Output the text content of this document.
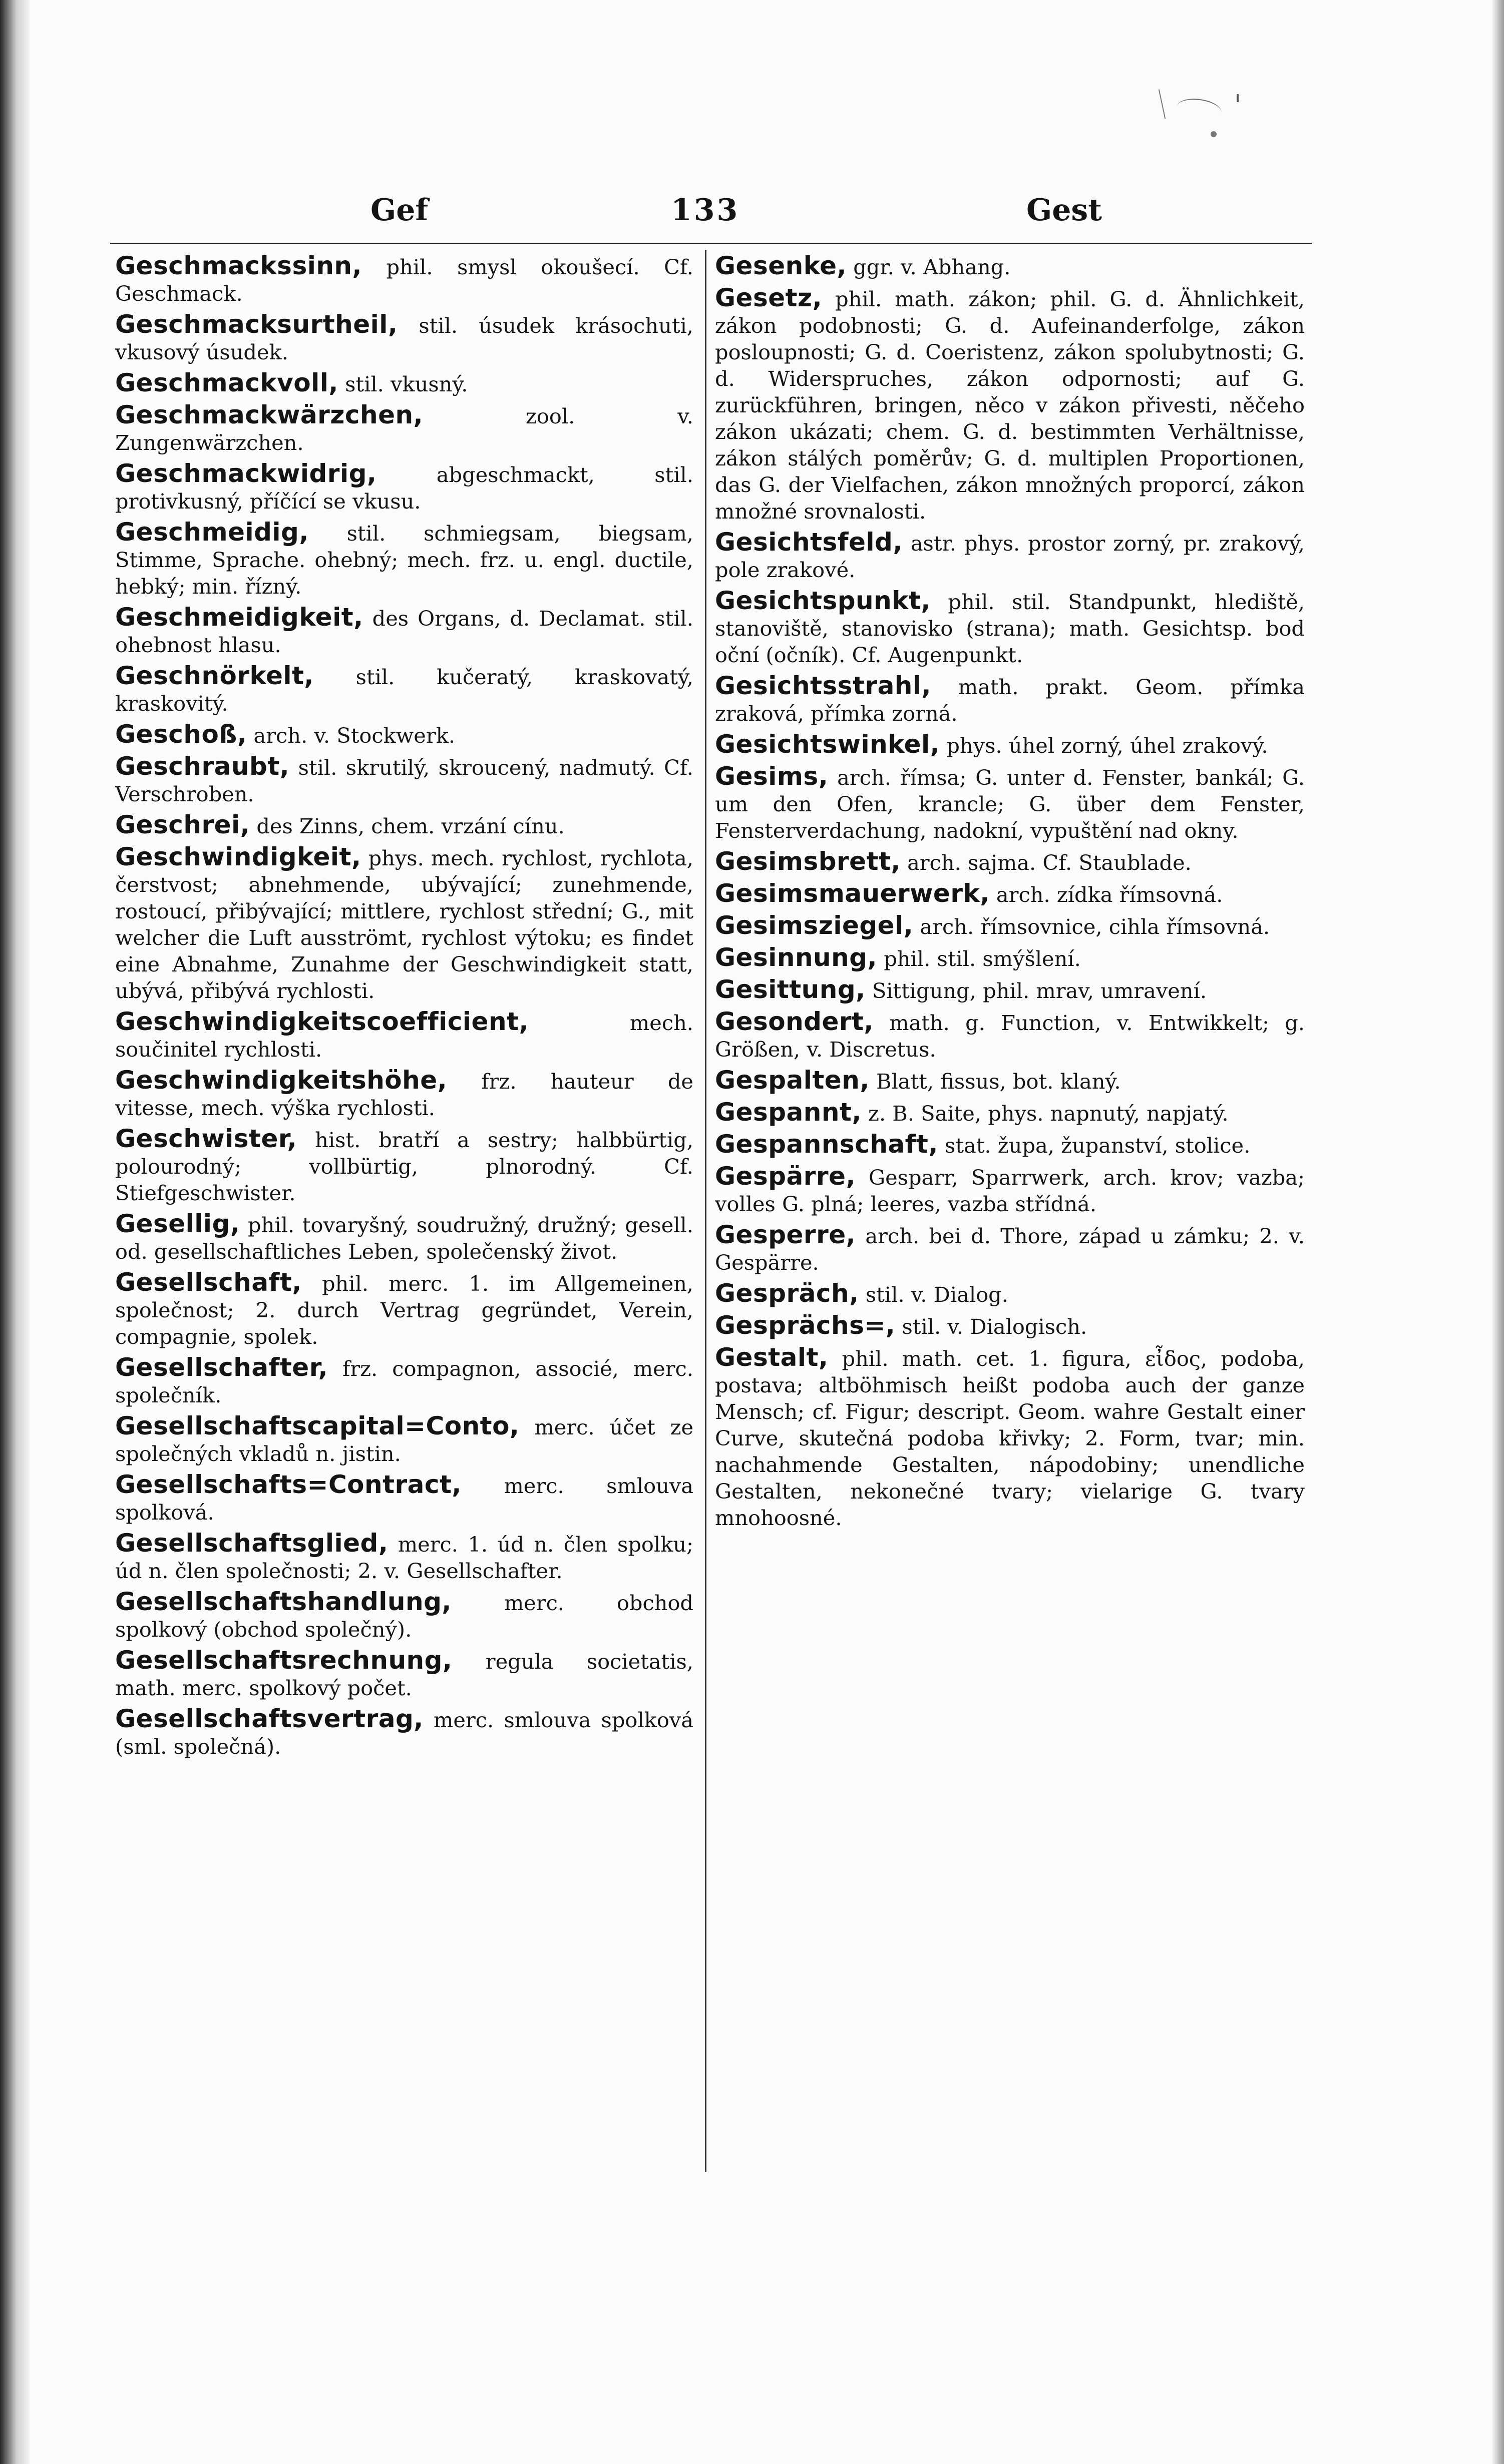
Gef	133	Gest
Geschmackssinn, phil. smysl okoušecí. Cf. Geschmack.
Geschmacksurtheil, stil. úsudek krásochuti, vkusový úsudek.
Geschmackvoll, stil. vkusný.
Geschmackwärzchen, zool. v. Zungenwärzchen.
Geschmackwidrig, abgeschmackt, stil. protivkusný, příčící se vkusu.
Geschmeidig, stil. schmiegsam, biegsam, Stimme, Sprache. ohebný; mech. frz. u. engl. ductile, hebký; min. řízný.
Geschmeidigkeit, des Organs, d. Declamat. stil. ohebnost hlasu.
Geschnörkelt, stil. kučeratý, kraskovatý, kraskovitý.
Geschoß, arch. v. Stockwerk.
Geschraubt, stil. skrutilý, skroucený, nadmutý. Cf. Verschroben.
Geschrei, des Zinns, chem. vrzání cínu.
Geschwindigkeit, phys. mech. rychlost, rychlota, čerstvost; abnehmende, ubývající; zunehmende, rostoucí, přibývající; mittlere, rychlost střední; G., mit welcher die Luft ausströmt, rychlost výtoku; es findet eine Abnahme, Zunahme der Geschwindigkeit statt, ubývá, přibývá rychlosti.
Geschwindigkeitscoefficient, mech. součinitel rychlosti.
Geschwindigkeitshöhe, frz. hauteur de vitesse, mech. výška rychlosti.
Geschwister, hist. bratří a sestry; halbbürtig, polourodný; vollbürtig, plnorodný. Cf. Stiefgeschwister.
Gesellig, phil. tovaryšný, soudružný, družný; gesell. od. gesellschaftliches Leben, společenský život.
Gesellschaft, phil. merc. 1. im Allgemeinen, společnost; 2. durch Vertrag gegründet, Verein, compagnie, spolek.
Gesellschafter, frz. compagnon, associé, merc. společník.
Gesellschaftscapital=Conto, merc. účet ze společných vkladů n. jistin.
Gesellschafts=Contract, merc. smlouva spolková.
Gesellschaftsglied, merc. 1. úd n. člen spolku; úd n. člen společnosti; 2. v. Gesellschafter.
Gesellschaftshandlung, merc. obchod spolkový (obchod společný).
Gesellschaftsrechnung, regula societatis, math. merc. spolkový počet.
Gesellschaftsvertrag, merc. smlouva spolková (sml. společná).
Gesenke, ggr. v. Abhang.
Gesetz, phil. math. zákon; phil. G. d. Ähnlichkeit, zákon podobnosti; G. d. Aufeinanderfolge, zákon posloupnosti; G. d. Coeristenz, zákon spolubytnosti; G. d. Widerspruches, zákon odpornosti; auf G. zurückführen, bringen, něco v zákon přivesti, něčeho zákon ukázati; chem. G. d. bestimmten Verhältnisse, zákon stálých poměrův; G. d. multiplen Proportionen, das G. der Vielfachen, zákon množných proporcí, zákon množné srovnalosti.
Gesichtsfeld, astr. phys. prostor zorný, pr. zrakový, pole zrakové.
Gesichtspunkt, phil. stil. Standpunkt, hlediště, stanoviště, stanovisko (strana); math. Gesichtsp. bod oční (očník). Cf. Augenpunkt.
Gesichtsstrahl, math. prakt. Geom. přímka zraková, přímka zorná.
Gesichtswinkel, phys. úhel zorný, úhel zrakový.
Gesims, arch. římsa; G. unter d. Fenster, bankál; G. um den Ofen, krancle; G. über dem Fenster, Fensterverdachung, nadokní, vypuštění nad okny.
Gesimsbrett, arch. sajma. Cf. Staublade.
Gesimsmauerwerk, arch. zídka římsovná.
Gesimsziegel, arch. římsovnice, cihla římsovná.
Gesinnung, phil. stil. smýšlení.
Gesittung, Sittigung, phil. mrav, umravení.
Gesondert, math. g. Function, v. Entwikkelt; g. Größen, v. Discretus.
Gespalten, Blatt, fissus, bot. klaný.
Gespannt, z. B. Saite, phys. napnutý, napjatý.
Gespannschaft, stat. župa, županství, stolice.
Gespärre, Gesparr, Sparrwerk, arch. krov; vazba; volles G. plná; leeres, vazba střídná.
Gesperre, arch. bei d. Thore, západ u zámku; 2. v. Gespärre.
Gespräch, stil. v. Dialog.
Gesprächs=, stil. v. Dialogisch.
Gestalt, phil. math. cet. 1. figura, εἶδος, podoba, postava; altböhmisch heißt podoba auch der ganze Mensch; cf. Figur; descript. Geom. wahre Gestalt einer Curve, skutečná podoba křivky; 2. Form, tvar; min. nachahmende Gestalten, nápodobiny; unendliche Gestalten, nekonečné tvary; vielarige G. tvary mnohoosné.
